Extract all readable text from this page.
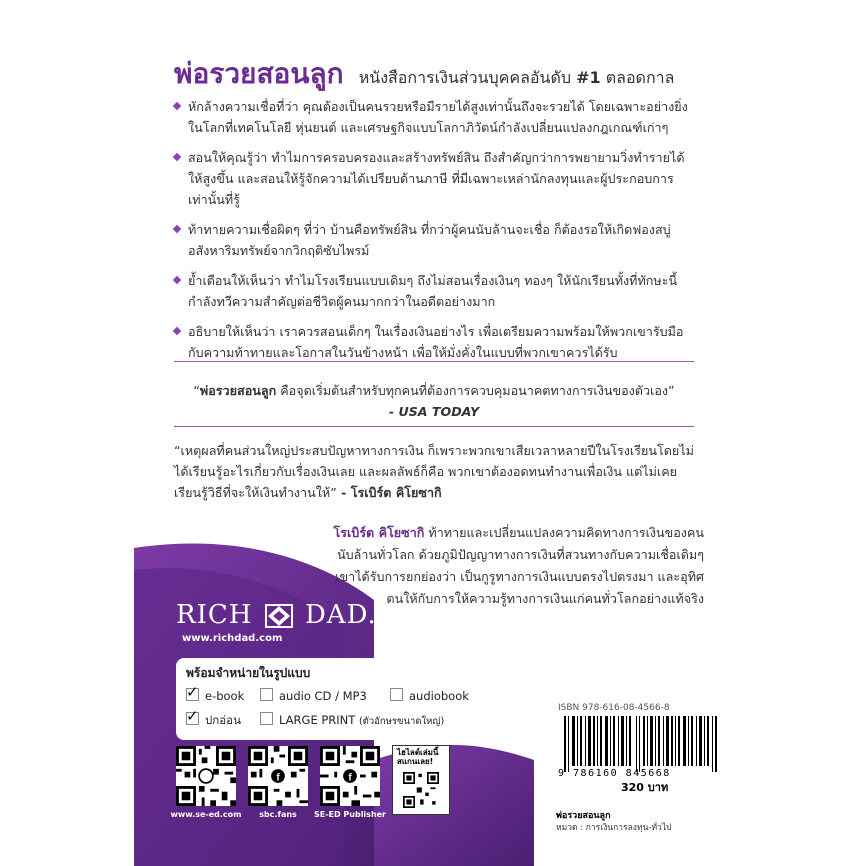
พ่อรวยสอนลูก หนังสือการเงินส่วนบุคคลอันดับ #1 ตลอดกาล
หักล้างความเชื่อที่ว่า คุณต้องเป็นคนรวยหรือมีรายได้สูงเท่านั้นถึงจะรวยได้ โดยเฉพาะอย่างยิ่งในโลกที่เทคโนโลยี หุ่นยนต์ และเศรษฐกิจแบบโลกาภิวัตน์กำลังเปลี่ยนแปลงกฎเกณฑ์เก่าๆ
สอนให้คุณรู้ว่า ทำไมการครอบครองและสร้างทรัพย์สิน ถึงสำคัญกว่าการพยายามวิ่งทำรายได้ให้สูงขึ้น และสอนให้รู้จักความได้เปรียบด้านภาษี ที่มีเฉพาะเหล่านักลงทุนและผู้ประกอบการเท่านั้นที่รู้
ท้าทายความเชื่อผิดๆ ที่ว่า บ้านคือทรัพย์สิน ที่กว่าผู้คนนับล้านจะเชื่อ ก็ต้องรอให้เกิดฟองสบู่อสังหาริมทรัพย์จากวิกฤติซับไพรม์
ย้ำเตือนให้เห็นว่า ทำไมโรงเรียนแบบเดิมๆ ถึงไม่สอนเรื่องเงินๆ ทองๆ ให้นักเรียนทั้งที่ทักษะนี้กำลังทวีความสำคัญต่อชีวิตผู้คนมากกว่าในอดีตอย่างมาก
อธิบายให้เห็นว่า เราควรสอนเด็กๆ ในเรื่องเงินอย่างไร เพื่อเตรียมความพร้อมให้พวกเขารับมือกับความท้าทายและโอกาสในวันข้างหน้า เพื่อให้มั่งคั่งในแบบที่พวกเขาควรได้รับ
“พ่อรวยสอนลูก คือจุดเริ่มต้นสำหรับทุกคนที่ต้องการควบคุมอนาคตทางการเงินของตัวเอง”
- USA TODAY
“เหตุผลที่คนส่วนใหญ่ประสบปัญหาทางการเงิน ก็เพราะพวกเขาเสียเวลาหลายปีในโรงเรียนโดยไม่ได้เรียนรู้อะไรเกี่ยวกับเรื่องเงินเลย และผลลัพธ์ก็คือ พวกเขาต้องอดทนทำงานเพื่อเงิน แต่ไม่เคยเรียนรู้วิธีที่จะให้เงินทำงานให้” - โรเบิร์ต คิโยซากิ
โรเบิร์ต คิโยซากิ ท้าทายและเปลี่ยนแปลงความคิดทางการเงินของคนนับล้านทั่วโลก ด้วยภูมิปัญญาทางการเงินที่สวนทางกับความเชื่อเดิมๆ เขาได้รับการยกย่องว่า เป็นกูรูทางการเงินแบบตรงไปตรงมา และอุทิศตนให้กับการให้ความรู้ทางการเงินแก่คนทั่วโลกอย่างแท้จริง
RICH DAD.
www.richdad.com
พร้อมจำหน่ายในรูปแบบ
✓e-book	audio CD / MP3	audiobook
✓ปกอ่อน	LARGE PRINT (ตัวอักษรขนาดใหญ่)
www.se-ed.com
f
sbc.fans
f
SE-ED Publisher
ไฮไลต์เล่มนี้
สแกนเลย!
ISBN 978-616-08-4566-8
9 786160 845668
320 บาท
พ่อรวยสอนลูก
หมวด : การเงินการลงทุน-ทั่วไป
